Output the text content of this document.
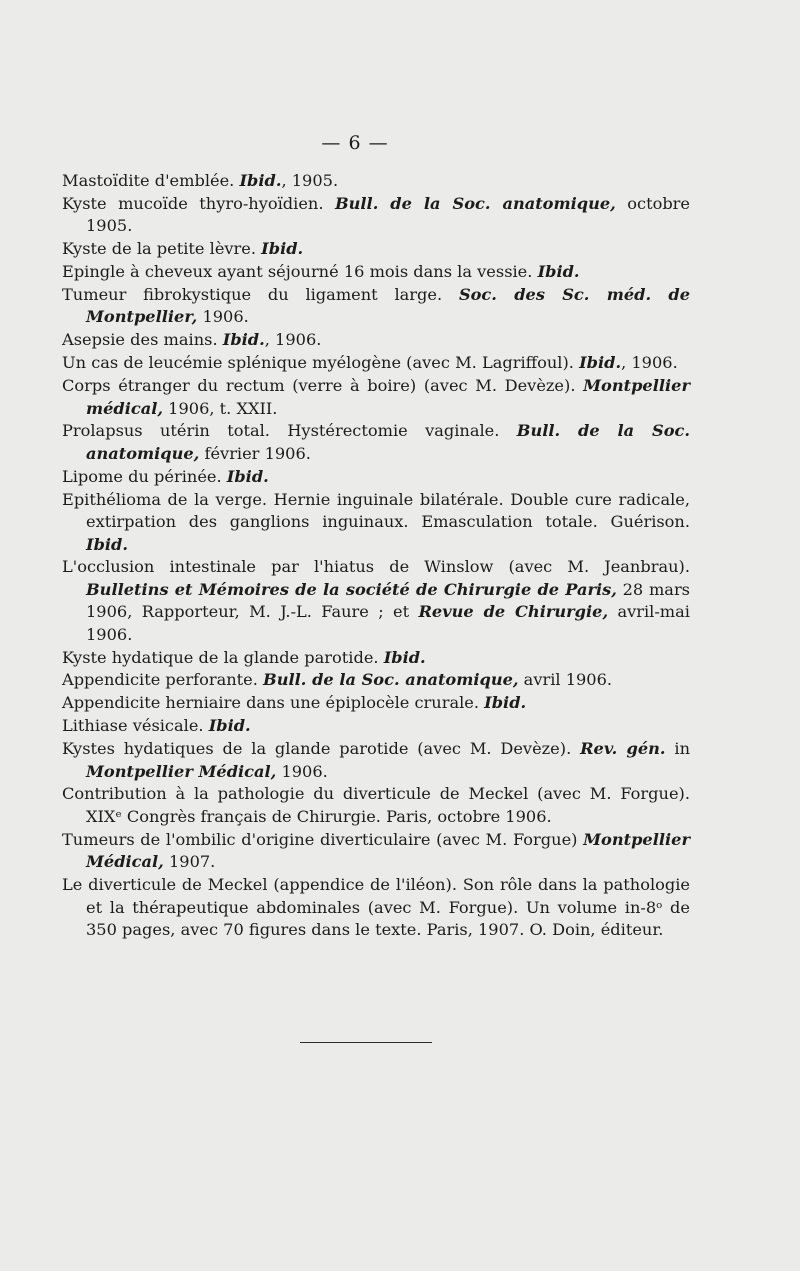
— 6 —

Mastoïdite d'emblée. Ibid., 1905.

Kyste mucoïde thyro-hyoïdien. Bull. de la Soc. anatomique, octobre 1905.

Kyste de la petite lèvre. Ibid.

Epingle à cheveux ayant séjourné 16 mois dans la vessie. Ibid.

Tumeur fibrokystique du ligament large. Soc. des Sc. méd. de Montpellier, 1906.

Asepsie des mains. Ibid., 1906.

Un cas de leucémie splénique myélogène (avec M. Lagriffoul). Ibid., 1906.

Corps étranger du rectum (verre à boire) (avec M. Devèze). Montpellier médical, 1906, t. XXII.

Prolapsus utérin total. Hystérectomie vaginale. Bull. de la Soc. anatomique, février 1906.

Lipome du périnée. Ibid.

Epithélioma de la verge. Hernie inguinale bilatérale. Double cure radicale, extirpation des ganglions inguinaux. Emasculation totale. Guérison. Ibid.

L'occlusion intestinale par l'hiatus de Winslow (avec M. Jeanbrau). Bulletins et Mémoires de la société de Chirurgie de Paris, 28 mars 1906, Rapporteur, M. J.-L. Faure ; et Revue de Chirurgie, avril-mai 1906.

Kyste hydatique de la glande parotide. Ibid.

Appendicite perforante. Bull. de la Soc. anatomique, avril 1906.

Appendicite herniaire dans une épiplocèle crurale. Ibid.

Lithiase vésicale. Ibid.

Kystes hydatiques de la glande parotide (avec M. Devèze). Rev. gén. in Montpellier Médical, 1906.

Contribution à la pathologie du diverticule de Meckel (avec M. Forgue). XIXᵉ Congrès français de Chirurgie. Paris, octobre 1906.

Tumeurs de l'ombilic d'origine diverticulaire (avec M. Forgue) Montpellier Médical, 1907.

Le diverticule de Meckel (appendice de l'iléon). Son rôle dans la pathologie et la thérapeutique abdominales (avec M. Forgue). Un volume in-8ᵒ de 350 pages, avec 70 figures dans le texte. Paris, 1907. O. Doin, éditeur.
